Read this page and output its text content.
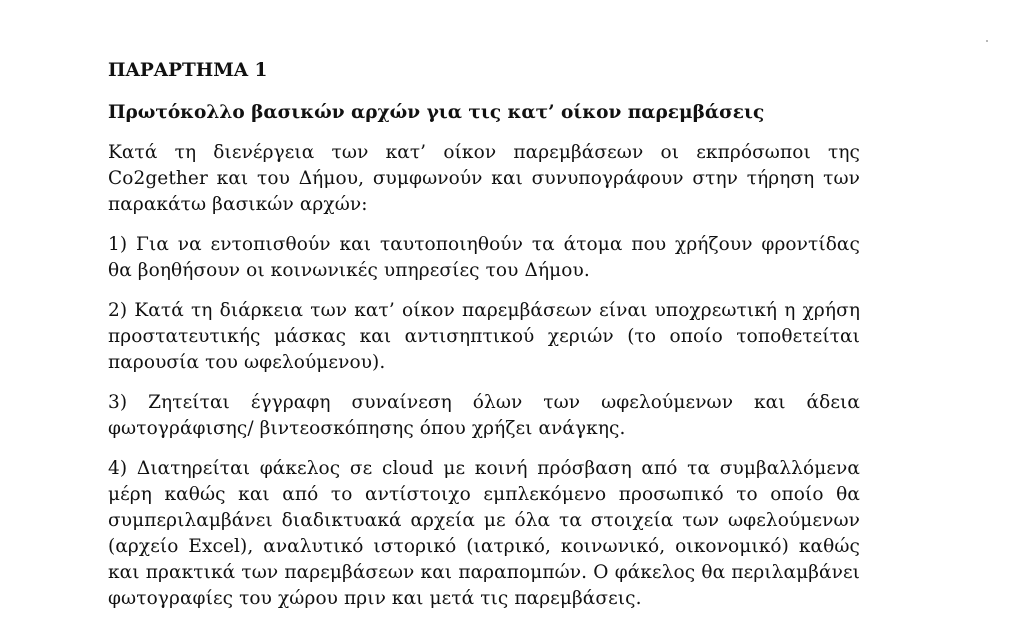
ΠΑΡΑΡΤΗΜΑ 1
Πρωτόκολλο βασικών αρχών για τις κατ’ οίκον παρεμβάσεις

Κατά τη διενέργεια των κατ’ οίκον παρεμβάσεων οι εκπρόσωποι της Co2gether και του Δήμου, συμφωνούν και συνυπογράφουν στην τήρηση των παρακάτω βασικών αρχών:

1) Για να εντοπισθούν και ταυτοποιηθούν τα άτομα που χρήζουν φροντίδας θα βοηθήσουν οι κοινωνικές υπηρεσίες του Δήμου.

2) Κατά τη διάρκεια των κατ’ οίκον παρεμβάσεων είναι υποχρεωτική η χρήση προστατευτικής μάσκας και αντισηπτικού χεριών (το οποίο τοποθετείται παρουσία του ωφελούμενου).

3) Ζητείται έγγραφη συναίνεση όλων των ωφελούμενων και άδεια φωτογράφισης/ βιντεοσκόπησης όπου χρήζει ανάγκης.

4) Διατηρείται φάκελος σε cloud με κοινή πρόσβαση από τα συμβαλλόμενα μέρη καθώς και από το αντίστοιχο εμπλεκόμενο προσωπικό το οποίο θα συμπεριλαμβάνει διαδικτυακά αρχεία με όλα τα στοιχεία των ωφελούμενων (αρχείο Excel), αναλυτικό ιστορικό (ιατρικό, κοινωνικό, οικονομικό) καθώς και πρακτικά των παρεμβάσεων και παραπομπών. Ο φάκελος θα περιλαμβάνει φωτογραφίες του χώρου πριν και μετά τις παρεμβάσεις.
